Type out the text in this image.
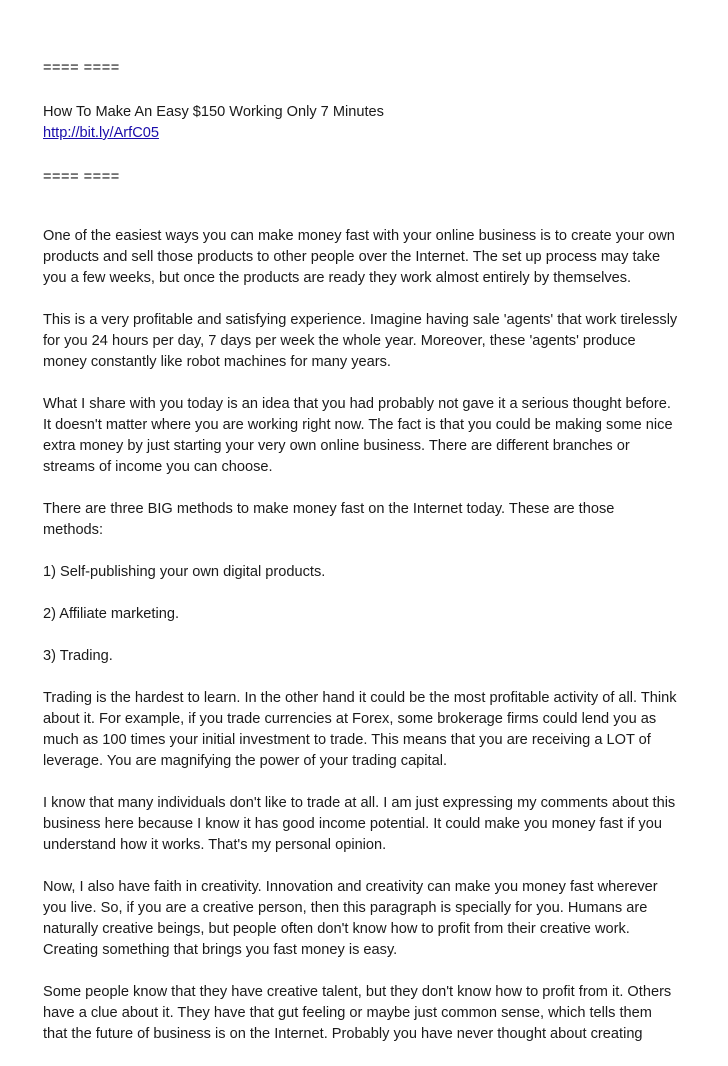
==== ====

How To Make An Easy $150 Working Only 7 Minutes

http://bit.ly/ArfC05

==== ====

One of the easiest ways you can make money fast with your online business is to create your own

products and sell those products to other people over the Internet. The set up process may take

you a few weeks, but once the products are ready they work almost entirely by themselves.

This is a very profitable and satisfying experience. Imagine having sale 'agents' that work tirelessly

for you 24 hours per day, 7 days per week the whole year. Moreover, these 'agents' produce

money constantly like robot machines for many years.

What I share with you today is an idea that you had probably not gave it a serious thought before.

It doesn't matter where you are working right now. The fact is that you could be making some nice

extra money by just starting your very own online business. There are different branches or

streams of income you can choose.

There are three BIG methods to make money fast on the Internet today. These are those

methods:

1) Self-publishing your own digital products.

2) Affiliate marketing.

3) Trading.

Trading is the hardest to learn. In the other hand it could be the most profitable activity of all. Think

about it. For example, if you trade currencies at Forex, some brokerage firms could lend you as

much as 100 times your initial investment to trade. This means that you are receiving a LOT of

leverage. You are magnifying the power of your trading capital.

I know that many individuals don't like to trade at all. I am just expressing my comments about this

business here because I know it has good income potential. It could make you money fast if you

understand how it works. That's my personal opinion.

Now, I also have faith in creativity. Innovation and creativity can make you money fast wherever

you live. So, if you are a creative person, then this paragraph is specially for you. Humans are

naturally creative beings, but people often don't know how to profit from their creative work.

Creating something that brings you fast money is easy.

Some people know that they have creative talent, but they don't know how to profit from it. Others

have a clue about it. They have that gut feeling or maybe just common sense, which tells them

that the future of business is on the Internet. Probably you have never thought about creating
